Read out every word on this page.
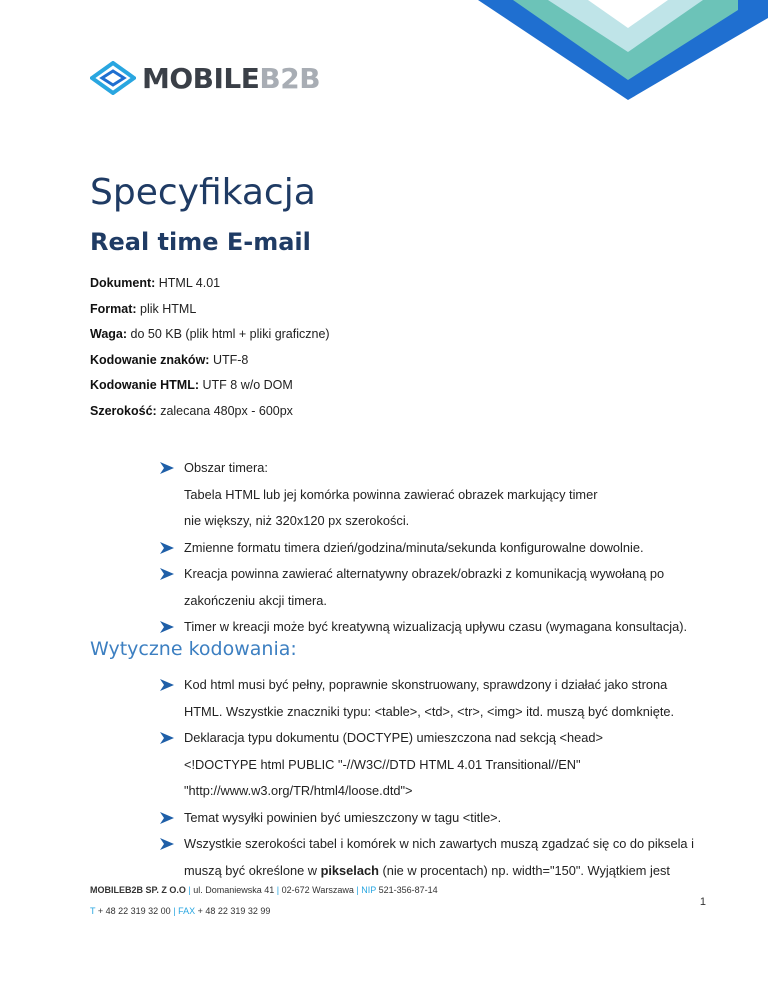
MOBILEB2B
Specyfikacja
Real time E-mail
Dokument: HTML 4.01
Format: plik HTML
Waga: do 50 KB (plik html + pliki graficzne)
Kodowanie znaków: UTF-8
Kodowanie HTML: UTF 8 w/o DOM
Szerokość: zalecana 480px - 600px
Obszar timera:
Tabela HTML lub jej komórka powinna zawierać obrazek markujący timer
nie większy, niż 320x120 px szerokości.
Zmienne formatu timera dzień/godzina/minuta/sekunda konfigurowalne dowolnie.
Kreacja powinna zawierać alternatywny obrazek/obrazki z komunikacją wywołaną po
zakończeniu akcji timera.
Timer w kreacji może być kreatywną wizualizacją upływu czasu (wymagana konsultacja).
Wytyczne kodowania:
Kod html musi być pełny, poprawnie skonstruowany, sprawdzony i działać jako strona
HTML. Wszystkie znaczniki typu: <table>, <td>, <tr>, <img> itd. muszą być domknięte.
Deklaracja typu dokumentu (DOCTYPE) umieszczona nad sekcją <head>
<!DOCTYPE html PUBLIC "-//W3C//DTD HTML 4.01 Transitional//EN"
"http://www.w3.org/TR/html4/loose.dtd">
Temat wysyłki powinien być umieszczony w tagu <title>.
Wszystkie szerokości tabel i komórek w nich zawartych muszą zgadzać się co do piksela i
muszą być określone w pikselach (nie w procentach) np. width="150". Wyjątkiem jest
MOBILEB2B SP. Z O.O | ul. Domaniewska 41 | 02-672 Warszawa | NIP 521-356-87-14
T + 48 22 319 32 00 | FAX + 48 22 319 32 99
1
